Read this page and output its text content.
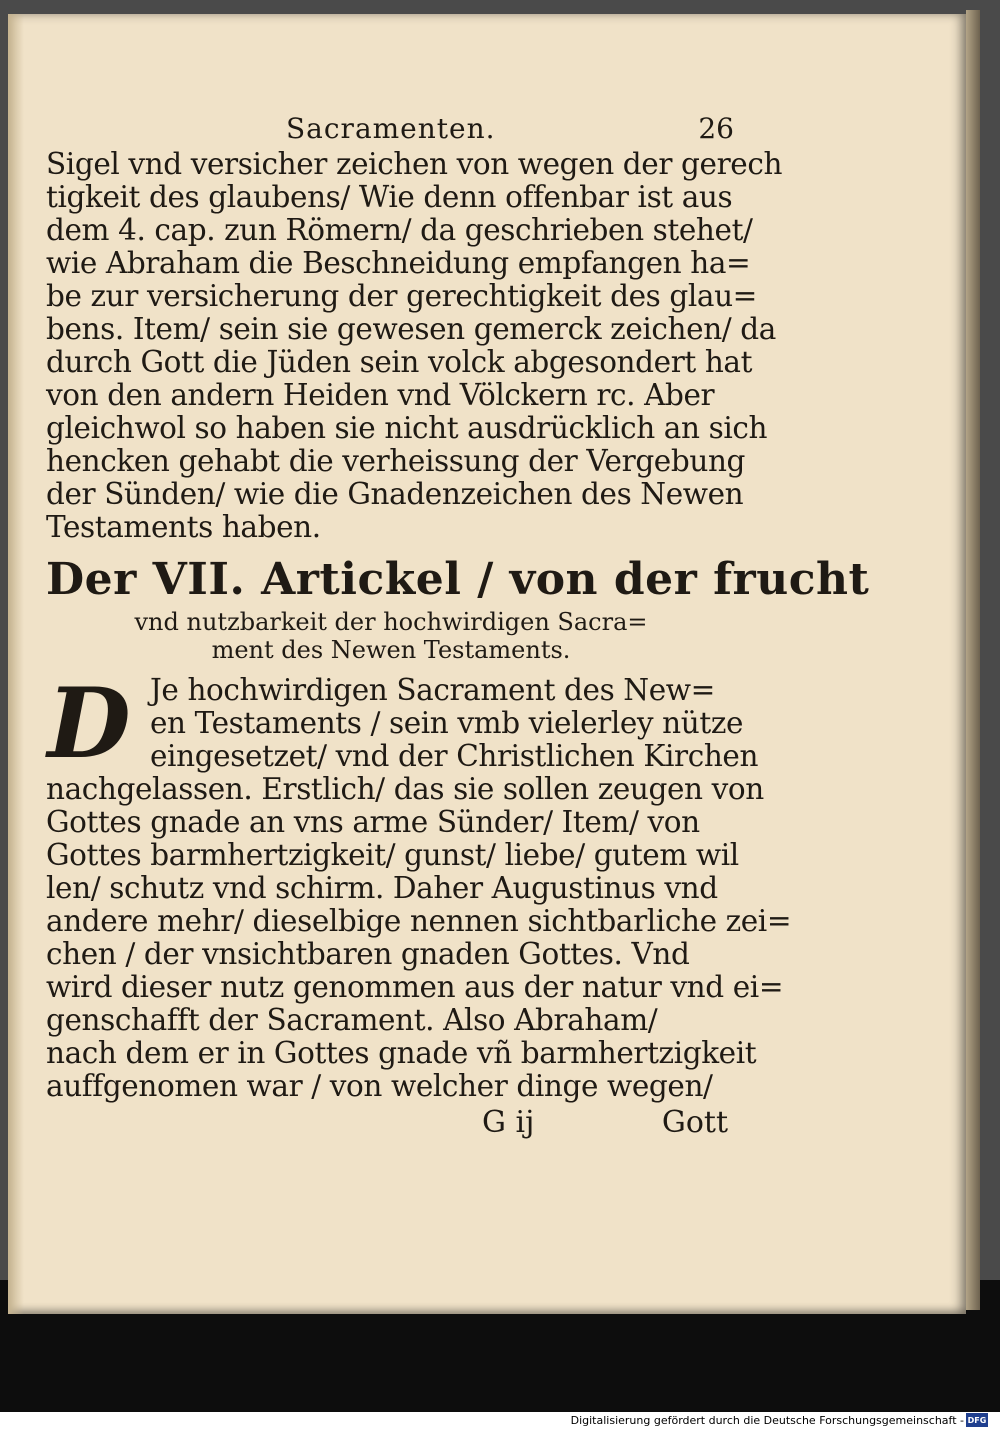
Sacramenten.	26
Sigel vnd versicher zeichen von wegen der gerech
tigkeit des glaubens/ Wie denn offenbar ist aus
dem 4. cap. zun Römern/ da geschrieben stehet/
wie Abraham die Beschneidung empfangen ha=
be zur versicherung der gerechtigkeit des glau=
bens. Item/ sein sie gewesen gemerck zeichen/ da
durch Gott die Jüden sein volck abgesondert hat
von den andern Heiden vnd Völckern rc. Aber
gleichwol so haben sie nicht ausdrücklich an sich
hencken gehabt die verheissung der Vergebung
der Sünden/ wie die Gnadenzeichen des Newen
Testaments haben.
Der VII. Artickel / von der frucht
vnd nutzbarkeit der hochwirdigen Sacra=
ment des Newen Testaments.
D Je hochwirdigen Sacrament des New=
en Testaments / sein vmb vielerley nütze
eingesetzet/ vnd der Christlichen Kirchen
nachgelassen. Erstlich/ das sie sollen zeugen von
Gottes gnade an vns arme Sünder/ Item/ von
Gottes barmhertzigkeit/ gunst/ liebe/ gutem wil
len/ schutz vnd schirm. Daher Augustinus vnd
andere mehr/ dieselbige nennen sichtbarliche zei=
chen / der vnsichtbaren gnaden Gottes. Vnd
wird dieser nutz genommen aus der natur vnd ei=
genschafft der Sacrament. Also Abraham/
nach dem er in Gottes gnade vñ barmhertzigkeit
auffgenomen war / von welcher dinge wegen/
G ij	Gott
Digitalisierung gefördert durch die Deutsche Forschungsgemeinschaft - DFG
